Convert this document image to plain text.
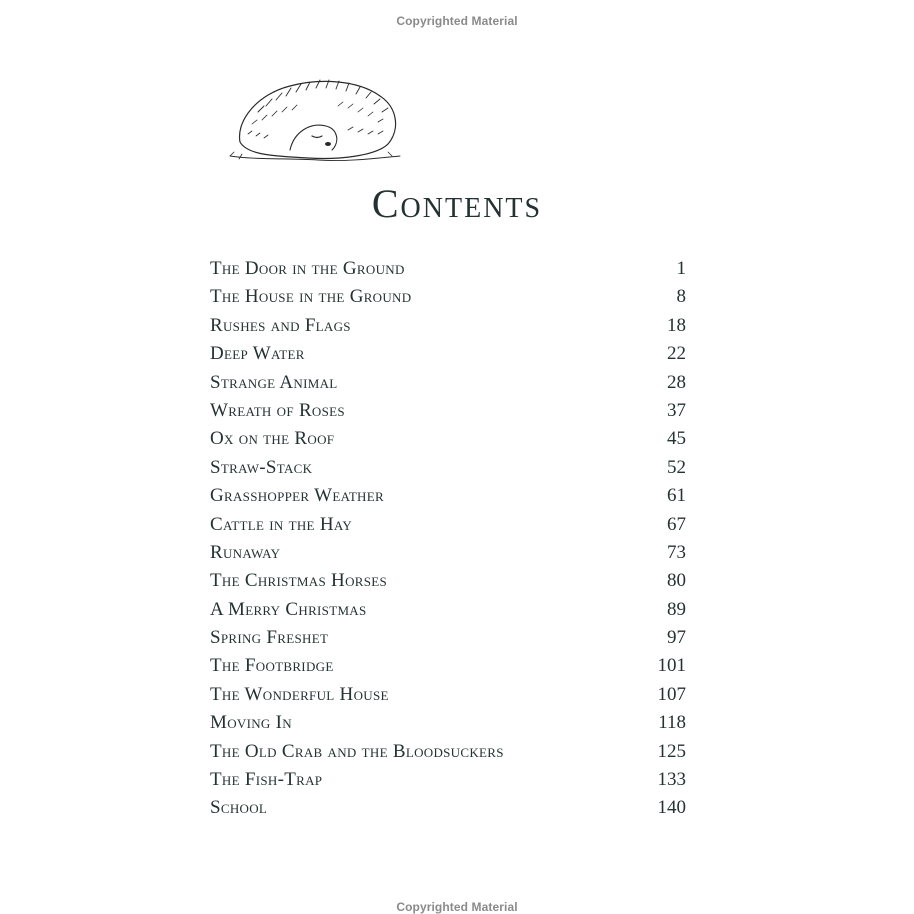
Copyrighted Material
Contents
The Door in the Ground	1
The House in the Ground	8
Rushes and Flags	18
Deep Water	22
Strange Animal	28
Wreath of Roses	37
Ox on the Roof	45
Straw-Stack	52
Grasshopper Weather	61
Cattle in the Hay	67
Runaway	73
The Christmas Horses	80
A Merry Christmas	89
Spring Freshet	97
The Footbridge	101
The Wonderful House	107
Moving In	118
The Old Crab and the Bloodsuckers	125
The Fish-Trap	133
School	140
Copyrighted Material
